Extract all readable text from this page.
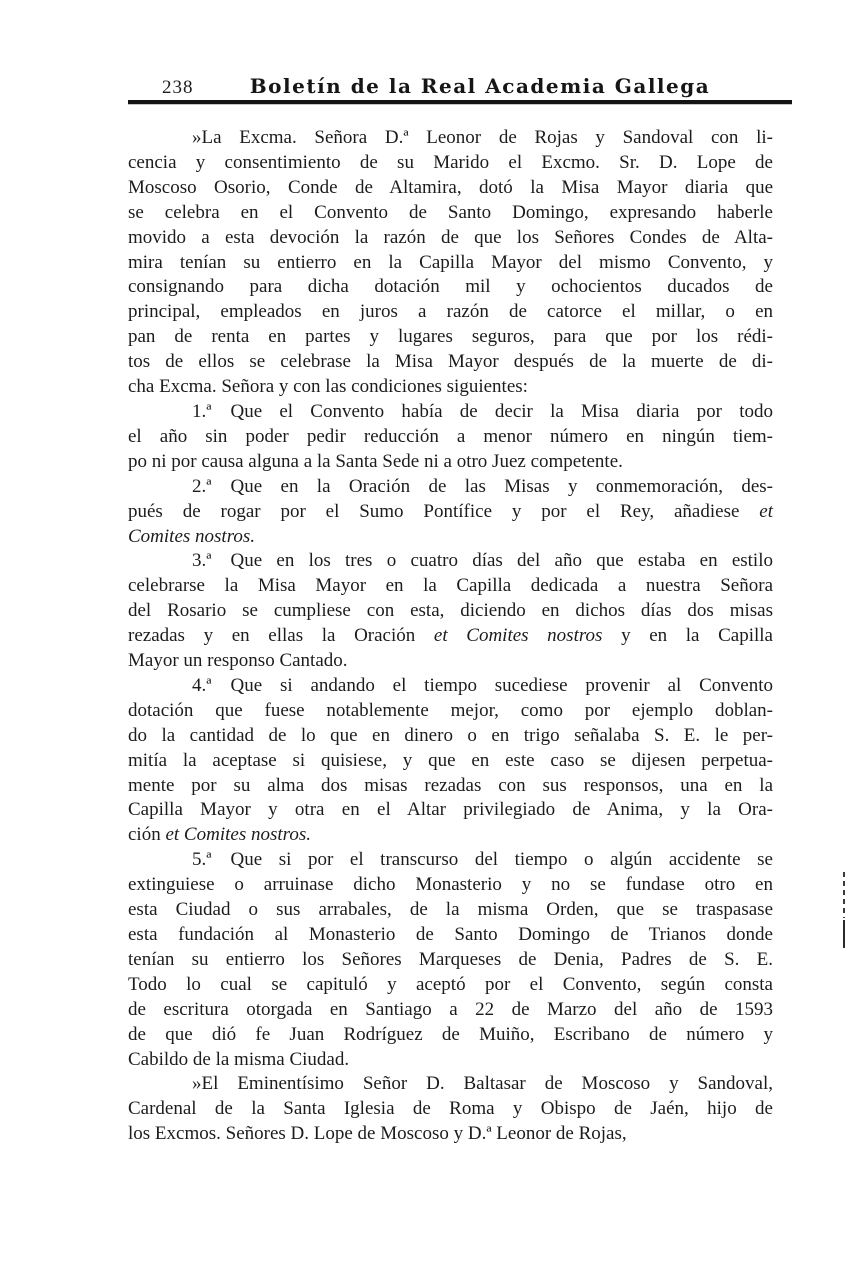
238	Boletín de la Real Academia Gallega
»La Excma. Señora D.ª Leonor de Rojas y Sandoval con li-
cencia y consentimiento de su Marido el Excmo. Sr. D. Lope de
Moscoso Osorio, Conde de Altamira, dotó la Misa Mayor diaria que
se celebra en el Convento de Santo Domingo, expresando haberle
movido a esta devoción la razón de que los Señores Condes de Alta-
mira tenían su entierro en la Capilla Mayor del mismo Convento, y
consignando para dicha dotación mil y ochocientos ducados de
principal, empleados en juros a razón de catorce el millar, o en
pan de renta en partes y lugares seguros, para que por los rédi-
tos de ellos se celebrase la Misa Mayor después de la muerte de di-
cha Excma. Señora y con las condiciones siguientes:
1.ª Que el Convento había de decir la Misa diaria por todo
el año sin poder pedir reducción a menor número en ningún tiem-
po ni por causa alguna a la Santa Sede ni a otro Juez competente.
2.ª Que en la Oración de las Misas y conmemoración, des-
pués de rogar por el Sumo Pontífice y por el Rey, añadiese et
Comites nostros.
3.ª Que en los tres o cuatro días del año que estaba en estilo
celebrarse la Misa Mayor en la Capilla dedicada a nuestra Señora
del Rosario se cumpliese con esta, diciendo en dichos días dos misas
rezadas y en ellas la Oración et Comites nostros y en la Capilla
Mayor un responso Cantado.
4.ª Que si andando el tiempo sucediese provenir al Convento
dotación que fuese notablemente mejor, como por ejemplo doblan-
do la cantidad de lo que en dinero o en trigo señalaba S. E. le per-
mitía la aceptase si quisiese, y que en este caso se dijesen perpetua-
mente por su alma dos misas rezadas con sus responsos, una en la
Capilla Mayor y otra en el Altar privilegiado de Anima, y la Ora-
ción et Comites nostros.
5.ª Que si por el transcurso del tiempo o algún accidente se
extinguiese o arruinase dicho Monasterio y no se fundase otro en
esta Ciudad o sus arrabales, de la misma Orden, que se traspasase
esta fundación al Monasterio de Santo Domingo de Trianos donde
tenían su entierro los Señores Marqueses de Denia, Padres de S. E.
Todo lo cual se capituló y aceptó por el Convento, según consta
de escritura otorgada en Santiago a 22 de Marzo del año de 1593
de que dió fe Juan Rodríguez de Muiño, Escribano de número y
Cabildo de la misma Ciudad.
»El Eminentísimo Señor D. Baltasar de Moscoso y Sandoval,
Cardenal de la Santa Iglesia de Roma y Obispo de Jaén, hijo de
los Excmos. Señores D. Lope de Moscoso y D.ª Leonor de Rojas,
